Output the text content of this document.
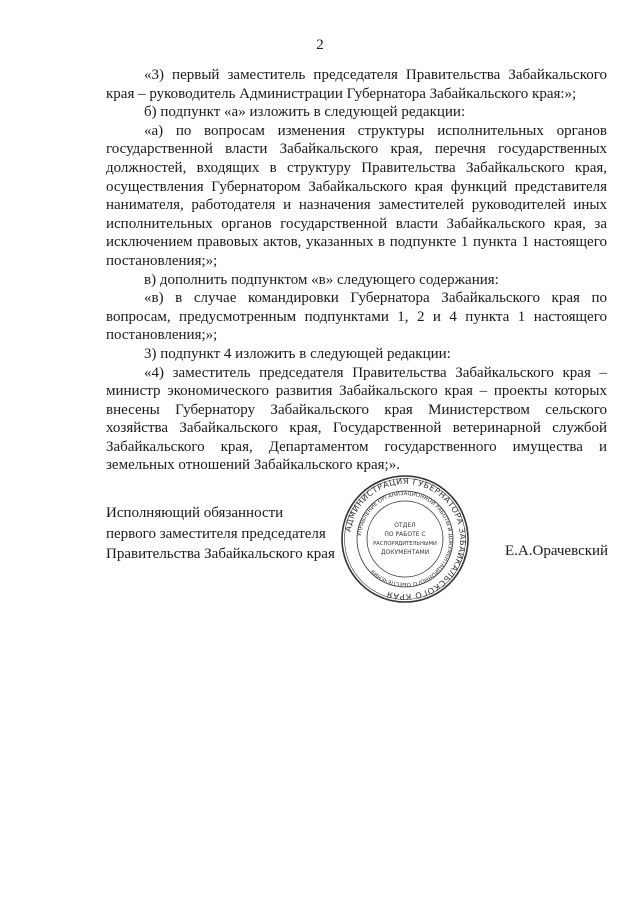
2

«3) первый заместитель председателя Правительства Забайкальского края – руководитель Администрации Губернатора Забайкальского края:»;

б) подпункт «а» изложить в следующей редакции:

«а) по вопросам изменения структуры исполнительных органов государственной власти Забайкальского края, перечня государственных должностей, входящих в структуру Правительства Забайкальского края, осуществления Губернатором Забайкальского края функций представителя нанимателя, работодателя и назначения заместителей руководителей иных исполнительных органов государственной власти Забайкальского края, за исключением правовых актов, указанных в подпункте 1 пункта 1 настоящего постановления;»;

в) дополнить подпунктом «в» следующего содержания:

«в) в случае командировки Губернатора Забайкальского края по вопросам, предусмотренным подпунктами 1, 2 и 4 пункта 1 настоящего постановления;»;

3) подпункт 4 изложить в следующей редакции:

«4) заместитель председателя Правительства Забайкальского края – министр экономического развития Забайкальского края – проекты которых внесены Губернатору Забайкальского края Министерством сельского хозяйства Забайкальского края, Государственной ветеринарной службой Забайкальского края, Департаментом государственного имущества и земельных отношений Забайкальского края;».

Исполняющий обязанности
первого заместителя председателя
Правительства Забайкальского края
АДМИНИСТРАЦИЯ ГУБЕРНАТОРА ЗАБАЙКАЛЬСКОГО КРАЯ
УПРАВЛЕНИЕ ОРГАНИЗАЦИОННОЙ РАБОТЫ И ДОКУМЕНТАЦИОННОГО ОБЕСПЕЧЕНИЯ
ОТДЕЛ
ПО РАБОТЕ С
РАСПОРЯДИТЕЛЬНЫМИ
ДОКУМЕНТАМИ	Е.А.Орачевский
